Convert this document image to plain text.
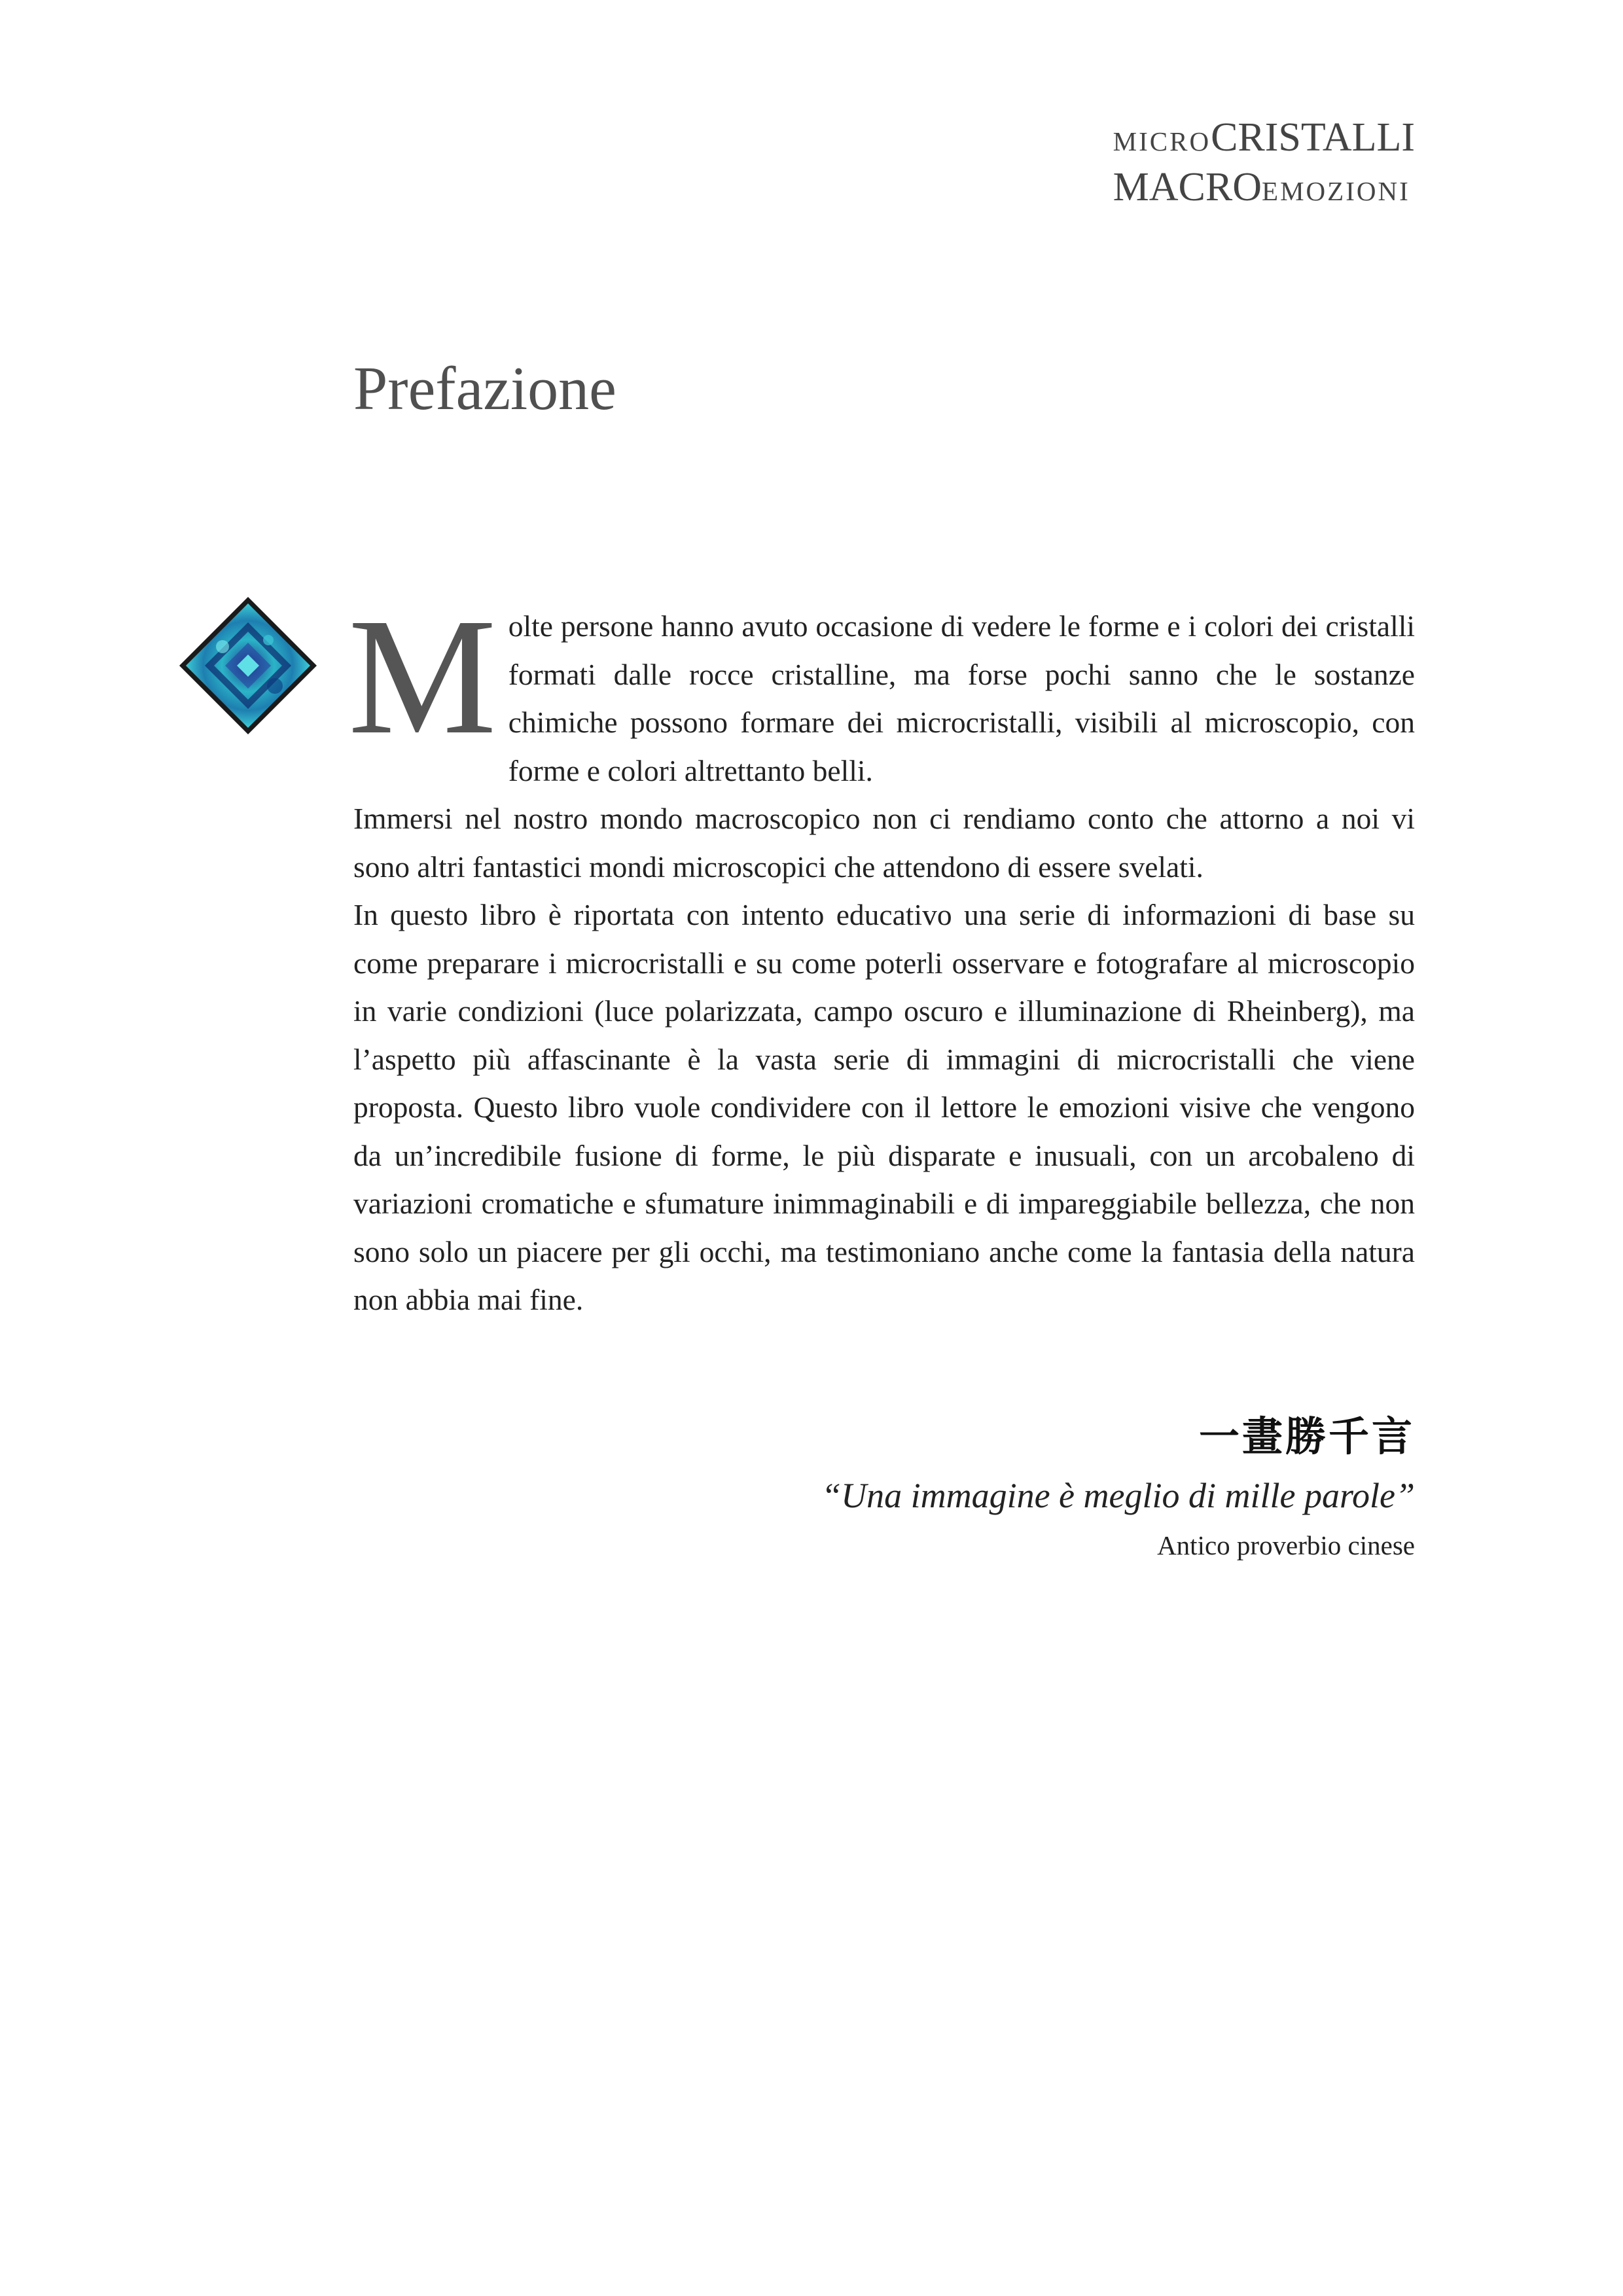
MICROCRISTALLI
MACROEMOZIONI
Prefazione

Molte persone hanno avuto occasione di vedere le forme e i colori dei cristalli formati dalle rocce cristalline, ma forse pochi sanno che le sostanze chimiche possono formare dei microcristalli, visibili al microscopio, con forme e colori altrettanto belli.

Immersi nel nostro mondo macroscopico non ci rendiamo conto che attorno a noi vi sono altri fantastici mondi microscopici che attendono di essere svelati.

In questo libro è riportata con intento educativo una serie di informazioni di base su come preparare i microcristalli e su come poterli osservare e fotografare al microscopio in varie condizioni (luce polarizzata, campo oscuro e illuminazione di Rheinberg), ma l’aspetto più affascinante è la vasta serie di immagini di microcristalli che viene proposta. Questo libro vuole condividere con il lettore le emozioni visive che vengono da un’incredibile fusione di forme, le più disparate e inusuali, con un arcobaleno di variazioni cromatiche e sfumature inimmaginabili e di impareggiabile bellezza, che non sono solo un piacere per gli occhi, ma testimoniano anche come la fantasia della natura non abbia mai fine.

一畫勝千言
“Una immagine è meglio di mille parole”
Antico proverbio cinese
